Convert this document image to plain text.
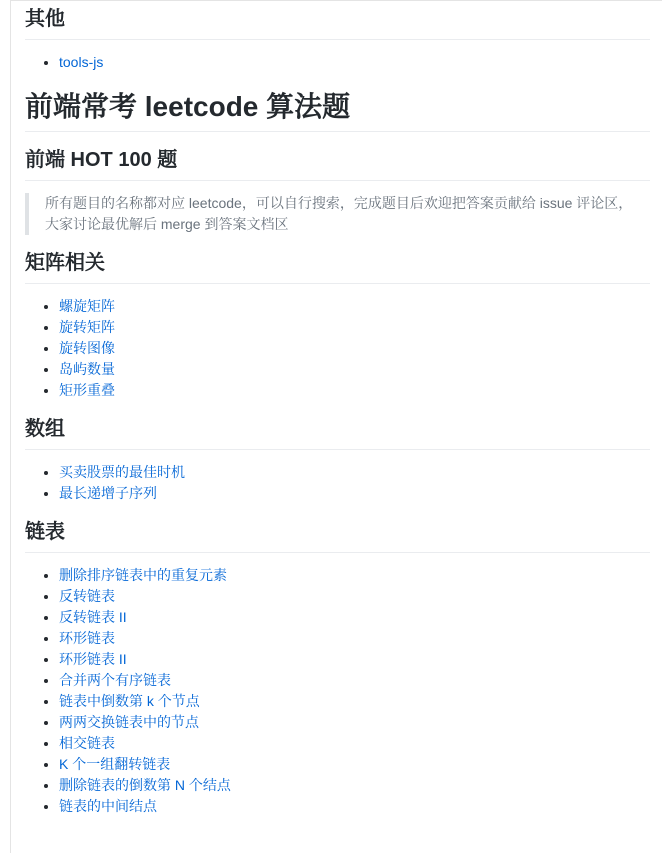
其他
• tools-js
前端常考 leetcode 算法题
前端 HOT 100 题
所有题目的名称都对应 leetcode，可以自行搜索，完成题目后欢迎把答案贡献给 issue 评论区，大家讨论最优解后 merge 到答案文档区
矩阵相关
• 螺旋矩阵
• 旋转矩阵
• 旋转图像
• 岛屿数量
• 矩形重叠
数组
• 买卖股票的最佳时机
• 最长递增子序列
链表
• 删除排序链表中的重复元素
• 反转链表
• 反转链表 II
• 环形链表
• 环形链表 II
• 合并两个有序链表
• 链表中倒数第 k 个节点
• 两两交换链表中的节点
• 相交链表
• K 个一组翻转链表
• 删除链表的倒数第 N 个结点
• 链表的中间结点
